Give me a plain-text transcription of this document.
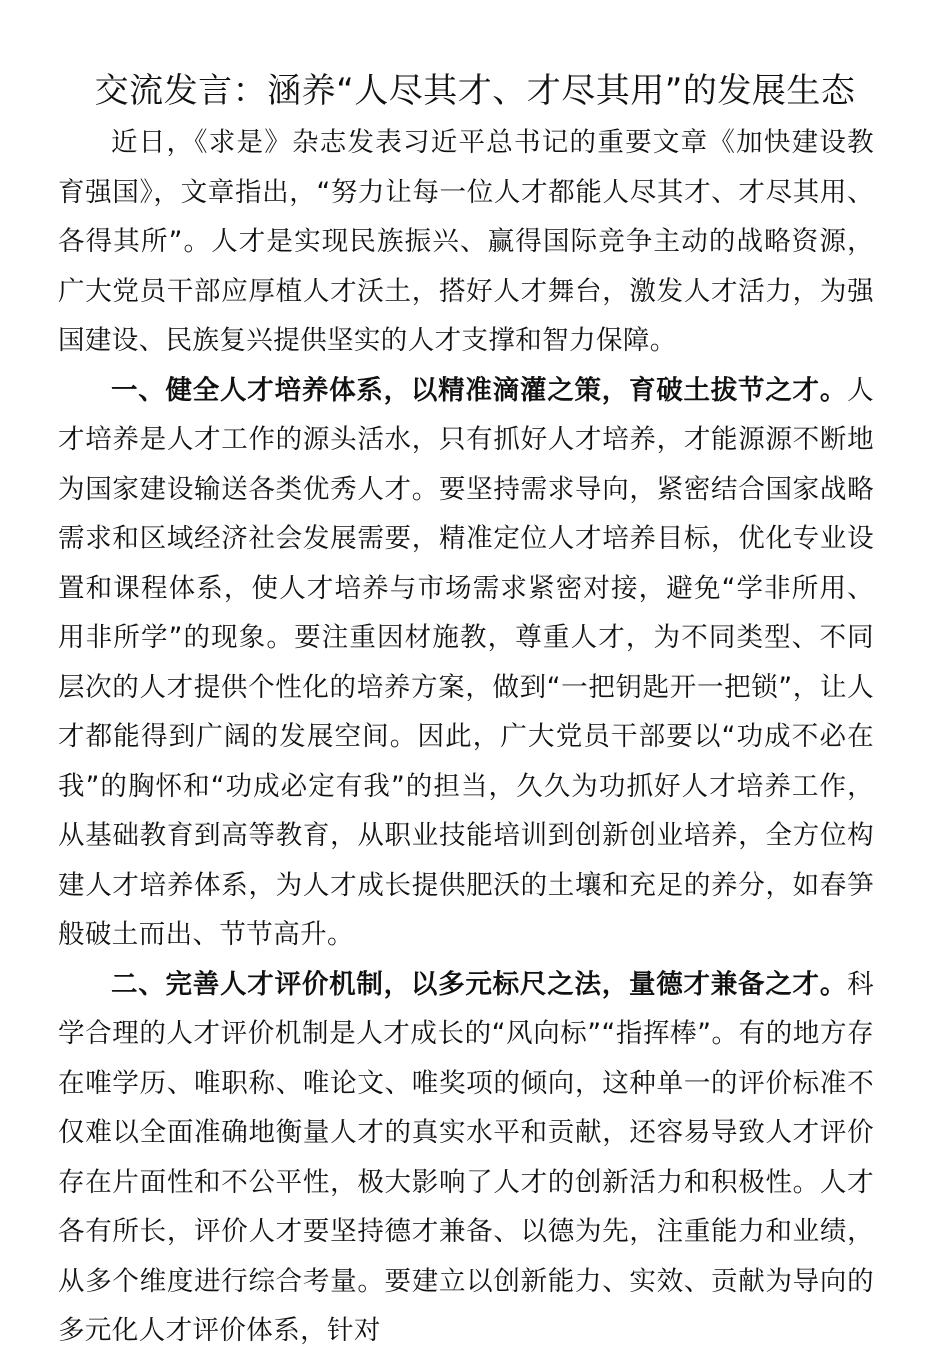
交流发言：涵养“人尽其才、才尽其用”的发展生态

近日，《求是》杂志发表习近平总书记的重要文章《加快建设教育强国》，文章指出，“努力让每一位人才都能人尽其才、才尽其用、各得其所”。人才是实现民族振兴、赢得国际竞争主动的战略资源，广大党员干部应厚植人才沃土，搭好人才舞台，激发人才活力，为强国建设、民族复兴提供坚实的人才支撑和智力保障。

一、健全人才培养体系，以精准滴灌之策，育破土拔节之才。人才培养是人才工作的源头活水，只有抓好人才培养，才能源源不断地为国家建设输送各类优秀人才。要坚持需求导向，紧密结合国家战略需求和区域经济社会发展需要，精准定位人才培养目标，优化专业设置和课程体系，使人才培养与市场需求紧密对接，避免“学非所用、用非所学”的现象。要注重因材施教，尊重人才，为不同类型、不同层次的人才提供个性化的培养方案，做到“一把钥匙开一把锁”，让人才都能得到广阔的发展空间。因此，广大党员干部要以“功成不必在我”的胸怀和“功成必定有我”的担当，久久为功抓好人才培养工作，从基础教育到高等教育，从职业技能培训到创新创业培养，全方位构建人才培养体系，为人才成长提供肥沃的土壤和充足的养分，如春笋般破土而出、节节高升。

二、完善人才评价机制，以多元标尺之法，量德才兼备之才。科学合理的人才评价机制是人才成长的“风向标”“指挥棒”。有的地方存在唯学历、唯职称、唯论文、唯奖项的倾向，这种单一的评价标准不仅难以全面准确地衡量人才的真实水平和贡献，还容易导致人才评价存在片面性和不公平性，极大影响了人才的创新活力和积极性。人才各有所长，评价人才要坚持德才兼备、以德为先，注重能力和业绩，从多个维度进行综合考量。要建立以创新能力、实效、贡献为导向的多元化人才评价体系，针对
